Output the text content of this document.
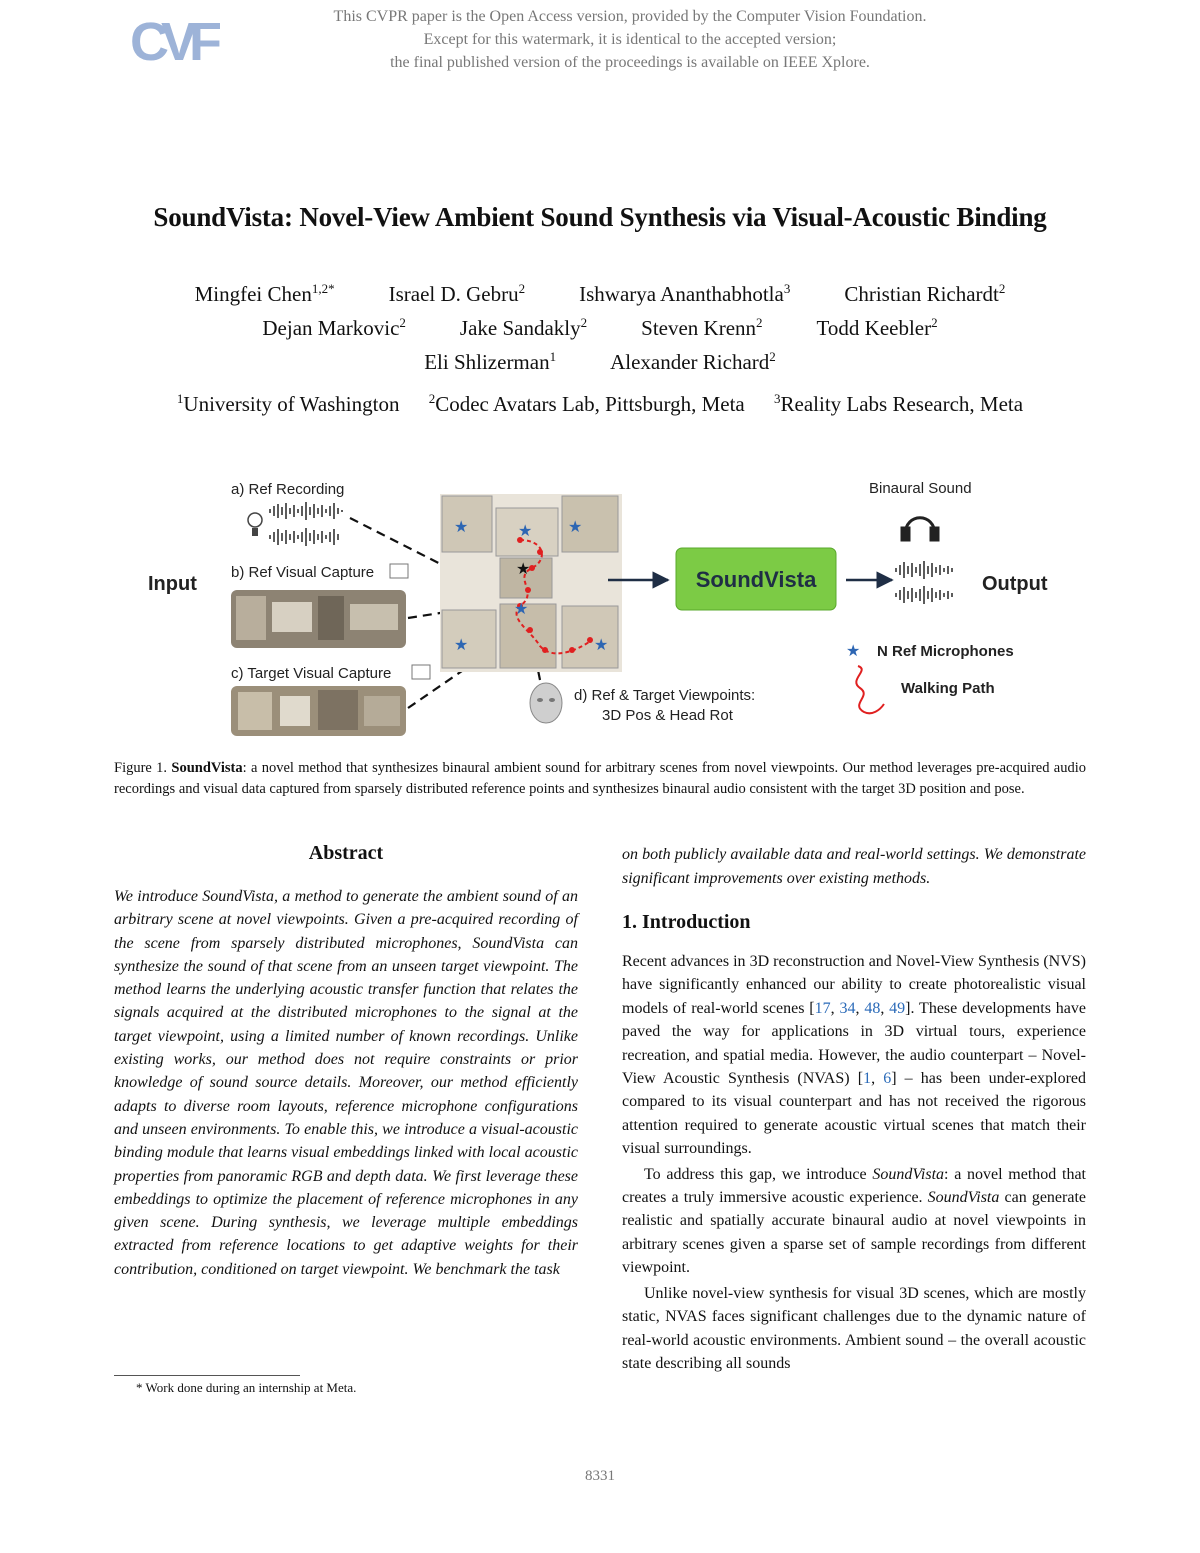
CVF	This CVPR paper is the Open Access version, provided by the Computer Vision Foundation.
Except for this watermark, it is identical to the accepted version;
the final published version of the proceedings is available on IEEE Xplore.
SoundVista: Novel-View Ambient Sound Synthesis via Visual-Acoustic Binding
Mingfei Chen$^{1,2*}$	Israel D. Gebru$^2$	Ishwarya Ananthabhotla$^3$	Christian Richardt$^2$
Dejan Markovic$^2$	Jake Sandakly$^2$	Steven Krenn$^2$	Todd Keebler$^2$
Eli Shlizerman$^1$	Alexander Richard$^2$
$^1$University of Washington $^2$Codec Avatars Lab, Pittsburgh, Meta $^3$Reality Labs Research, Meta
Input
a) Ref Recording
b) Ref Visual Capture
c) Target Visual Capture
★	★ ★
★
★	★
★
d) Ref & Target Viewpoints:
3D Pos & Head Rot
SoundVista
Binaural Sound
Output
★ N Ref Microphones
Walking Path
Figure 1. SoundVista: a novel method that synthesizes binaural ambient sound for arbitrary scenes from novel viewpoints. Our method leverages pre-acquired audio recordings and visual data captured from sparsely distributed reference points and synthesizes binaural audio consistent with the target 3D position and pose.
Abstract

We introduce SoundVista, a method to generate the ambient sound of an arbitrary scene at novel viewpoints. Given a pre-acquired recording of the scene from sparsely distributed microphones, SoundVista can synthesize the sound of that scene from an unseen target viewpoint. The method learns the underlying acoustic transfer function that relates the signals acquired at the distributed microphones to the signal at the target viewpoint, using a limited number of known recordings. Unlike existing works, our method does not require constraints or prior knowledge of sound source details. Moreover, our method efficiently adapts to diverse room layouts, reference microphone configurations and unseen environments. To enable this, we introduce a visual-acoustic binding module that learns visual embeddings linked with local acoustic properties from panoramic RGB and depth data. We first leverage these embeddings to optimize the placement of reference microphones in any given scene. During synthesis, we leverage multiple embeddings extracted from reference locations to get adaptive weights for their contribution, conditioned on target viewpoint. We benchmark the task

on both publicly available data and real-world settings. We demonstrate significant improvements over existing methods.

1. Introduction

Recent advances in 3D reconstruction and Novel-View Synthesis (NVS) have significantly enhanced our ability to create photorealistic visual models of real-world scenes [17, 34, 48, 49]. These developments have paved the way for applications in 3D virtual tours, experience recreation, and spatial media. However, the audio counterpart – Novel-View Acoustic Synthesis (NVAS) [1, 6] – has been under-explored compared to its visual counterpart and has not received the rigorous attention required to generate acoustic virtual scenes that match their visual surroundings.

To address this gap, we introduce SoundVista: a novel method that creates a truly immersive acoustic experience. SoundVista can generate realistic and spatially accurate binaural audio at novel viewpoints in arbitrary scenes given a sparse set of sample recordings from different viewpoint.

Unlike novel-view synthesis for visual 3D scenes, which are mostly static, NVAS faces significant challenges due to the dynamic nature of real-world acoustic environments. Ambient sound – the overall acoustic state describing all sounds

* Work done during an internship at Meta.
8331
